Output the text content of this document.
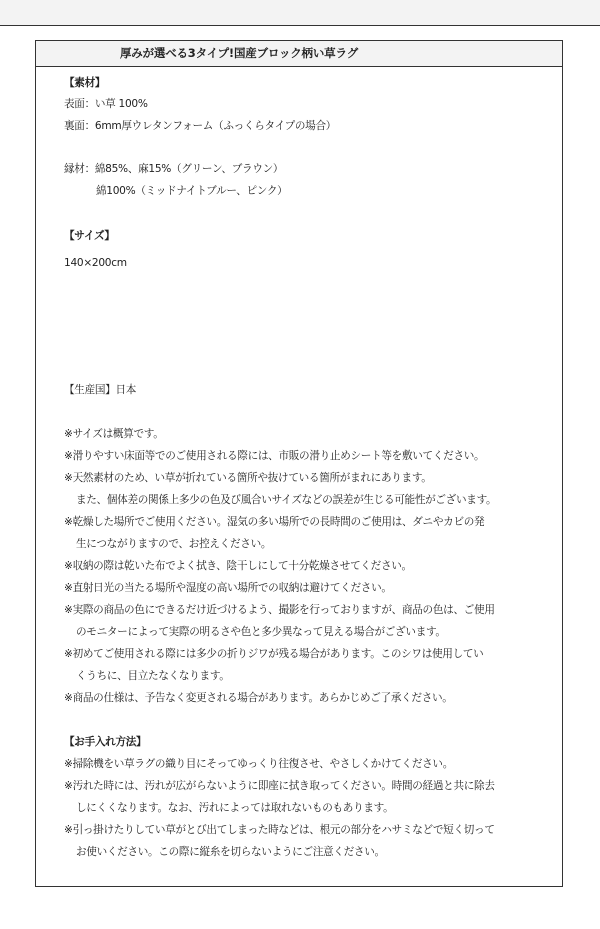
厚みが選べる3タイプ!国産ブロック柄い草ラグ
【素材】
表面：い草 100%
裏面：6mm厚ウレタンフォーム（ふっくらタイプの場合）
縁材：綿85%、麻15%（グリーン、ブラウン）
綿100%（ミッドナイトブルー、ピンク）
【サイズ】
140×200cm
【生産国】日本
※サイズは概算です。
※滑りやすい床面等でのご使用される際には、市販の滑り止めシート等を敷いてください。
※天然素材のため、い草が折れている箇所や抜けている箇所がまれにあります。
また、個体差の関係上多少の色及び風合いサイズなどの誤差が生じる可能性がございます。
※乾燥した場所でご使用ください。湿気の多い場所での長時間のご使用は、ダニやカビの発
生につながりますので、お控えください。
※収納の際は乾いた布でよく拭き、陰干しにして十分乾燥させてください。
※直射日光の当たる場所や湿度の高い場所での収納は避けてください。
※実際の商品の色にできるだけ近づけるよう、撮影を行っておりますが、商品の色は、ご使用
のモニターによって実際の明るさや色と多少異なって見える場合がございます。
※初めてご使用される際には多少の折りジワが残る場合があります。このシワは使用してい
くうちに、目立たなくなります。
※商品の仕様は、予告なく変更される場合があります。あらかじめご了承ください。
【お手入れ方法】
※掃除機をい草ラグの織り目にそってゆっくり往復させ、やさしくかけてください。
※汚れた時には、汚れが広がらないように即座に拭き取ってください。時間の経過と共に除去
しにくくなります。なお、汚れによっては取れないものもあります。
※引っ掛けたりしてい草がとび出てしまった時などは、根元の部分をハサミなどで短く切って
お使いください。この際に縦糸を切らないようにご注意ください。
